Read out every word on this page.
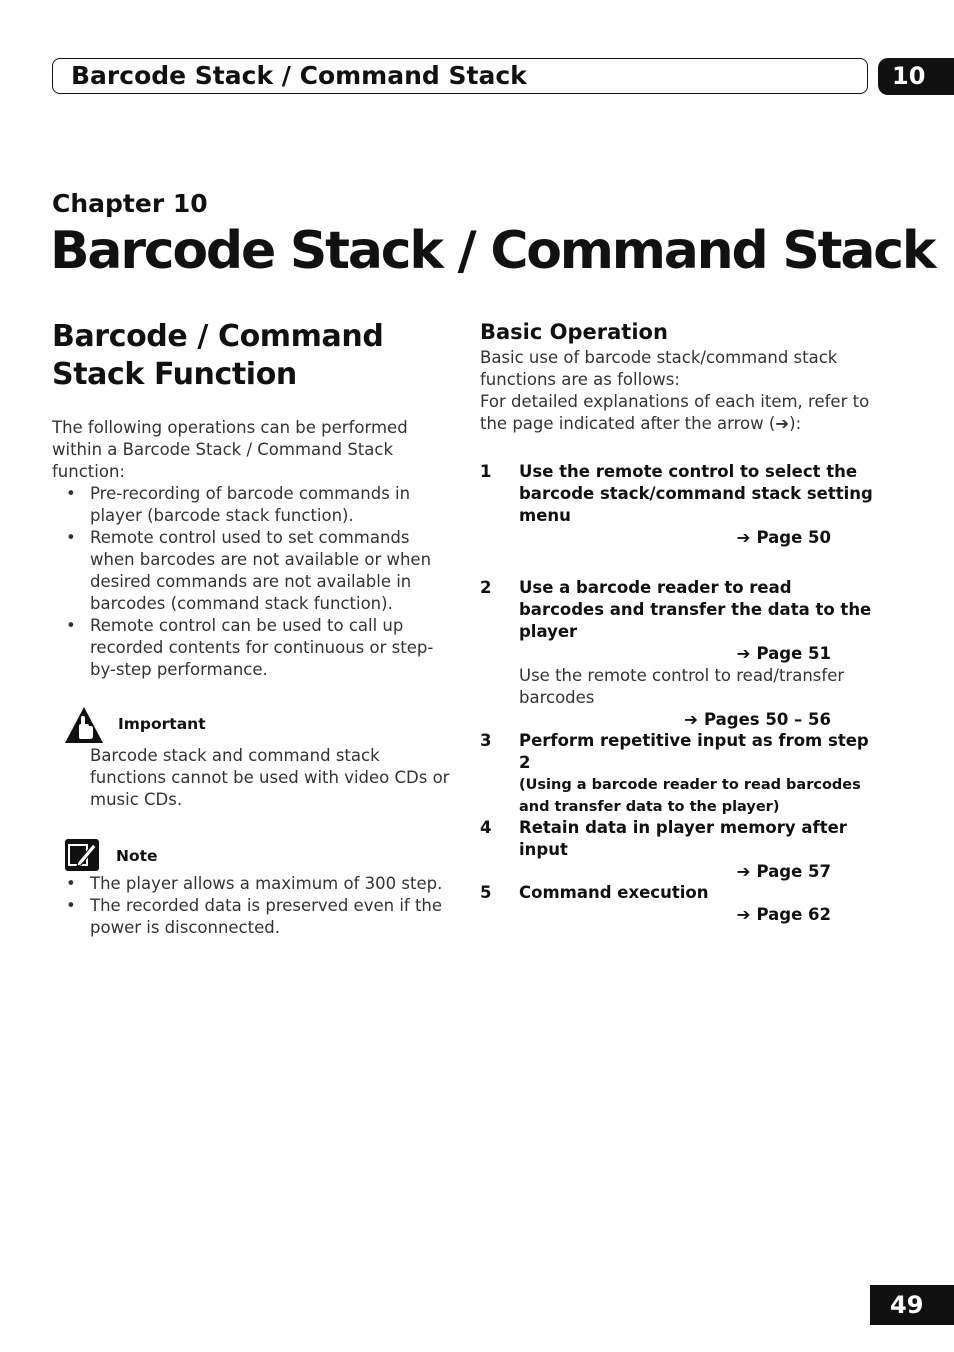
Barcode Stack / Command Stack	10
Chapter 10
Barcode Stack / Command Stack
Barcode / Command Stack Function
The following operations can be performed within a Barcode Stack / Command Stack function:
• Pre-recording of barcode commands in player (barcode stack function).
• Remote control used to set commands when barcodes are not available or when desired commands are not available in barcodes (command stack function).
• Remote control can be used to call up recorded contents for continuous or step-by-step performance.
Important
Barcode stack and command stack functions cannot be used with video CDs or music CDs.
Note
• The player allows a maximum of 300 step.
• The recorded data is preserved even if the power is disconnected.
Basic Operation
Basic use of barcode stack/command stack functions are as follows:
For detailed explanations of each item, refer to the page indicated after the arrow (➔):
1 Use the remote control to select the barcode stack/command stack setting menu
➔ Page 50
2 Use a barcode reader to read barcodes and transfer the data to the player
➔ Page 51
Use the remote control to read/transfer barcodes
➔ Pages 50 – 56
3 Perform repetitive input as from step 2
(Using a barcode reader to read barcodes and transfer data to the player)
4 Retain data in player memory after input
➔ Page 57
5 Command execution
➔ Page 62
49
